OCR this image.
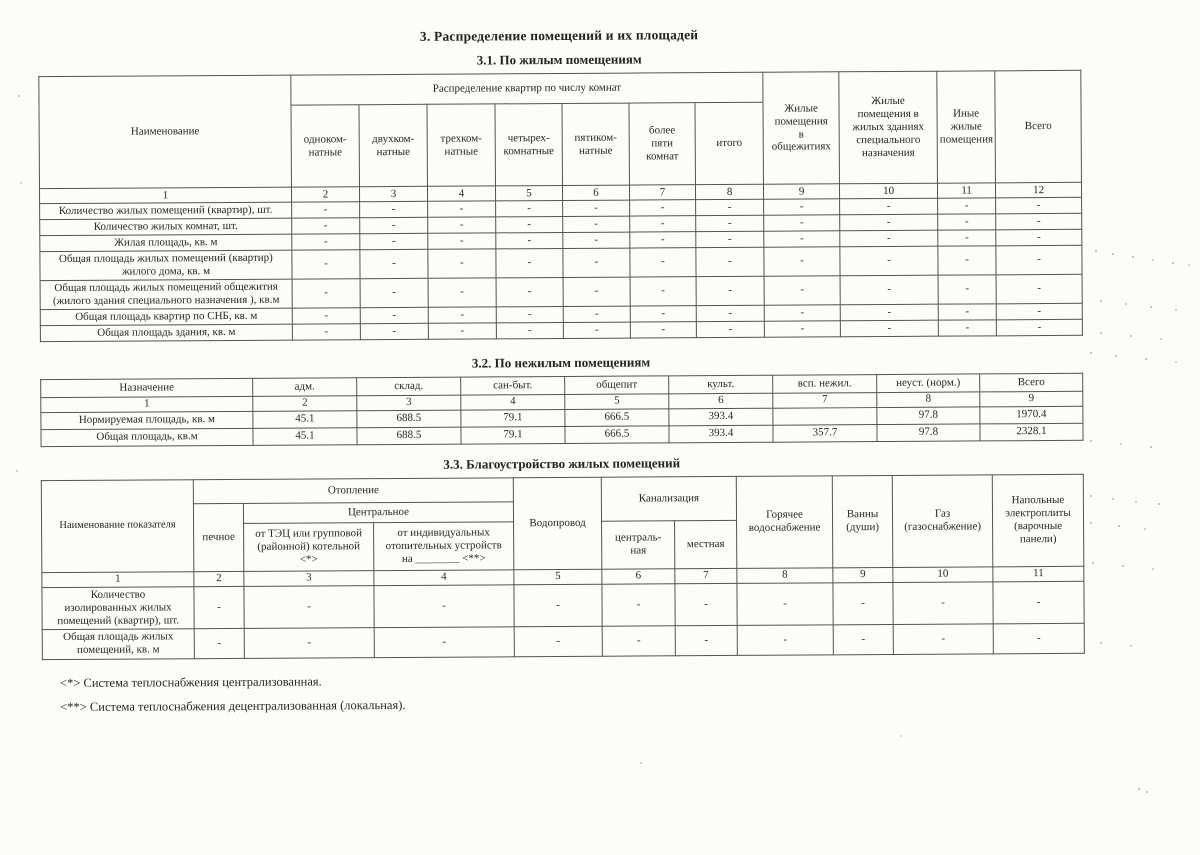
3. Распределение помещений и их площадей
3.1. По жилым помещениям
Наименование	Распределение квартир по числу комнат							Жилые
помещения
в
общежитиях	Жилые
помещения в
жилых зданиях
специального
назначения	Иные жилые
помещения	Всего
	одноком-
натные	двухком-
натные	трехком-
натные	четырех-
комнатные	пятиком-
натные	более
пяти
комнат	итого				
1	2	3	4	5	6	7	8	9	10	11	12
Количество жилых помещений (квартир), шт.	-	-	-	-	-	-	-	-	-	-	-
Количество жилых комнат, шт.	-	-	-	-	-	-	-	-	-	-	-
Жилая площадь, кв. м	-	-	-	-	-	-	-	-	-	-	-
Общая площадь жилых помещений (квартир) жилого дома, кв. м	-	-	-	-	-	-	-	-	-	-	-
Общая площадь жилых помещений общежития (жилого здания специального назначения ), кв.м	-	-	-	-	-	-	-	-	-	-	-
Общая площадь квартир по СНБ, кв. м	-	-	-	-	-	-	-	-	-	-	-
Общая площадь здания, кв. м	-	-	-	-	-	-	-	-	-	-	-
3.2. По нежилым помещениям
Назначение	адм.	склад.	сан-быт.	общепит	культ.	всп. нежил.	неуст. (норм.)	Всего
1	2	3	4	5	6	7	8	9
Нормируемая площадь, кв. м	45.1	688.5	79.1	666.5	393.4		97.8	1970.4
Общая площадь, кв.м	45.1	688.5	79.1	666.5	393.4	357.7	97.8	2328.1
3.3. Благоустройство жилых помещений
Наименование показателя	Отопление			Водопровод	Канализация		Горячее
водоснабжение	Ванны
(души)	Газ
(газоснабжение)	Напольные
электроплиты
(варочные
панели)
	печное	Центральное								
		от ТЭЦ или групповой
(районной) котельной
<*>	от индивидуальных
отопительных устройств
на ________ <**>		централь-
ная	местная				
1	2	3	4	5	6	7	8	9	10	11
Количество
изолированных жилых
помещений (квартир), шт.	-	-	-	-	-	-	-	-	-	-
Общая площадь жилых
помещений, кв. м	-	-	-	-	-	-	-	-	-	-
<*> Система теплоснабжения централизованная.
<**> Система теплоснабжения децентрализованная (локальная).
